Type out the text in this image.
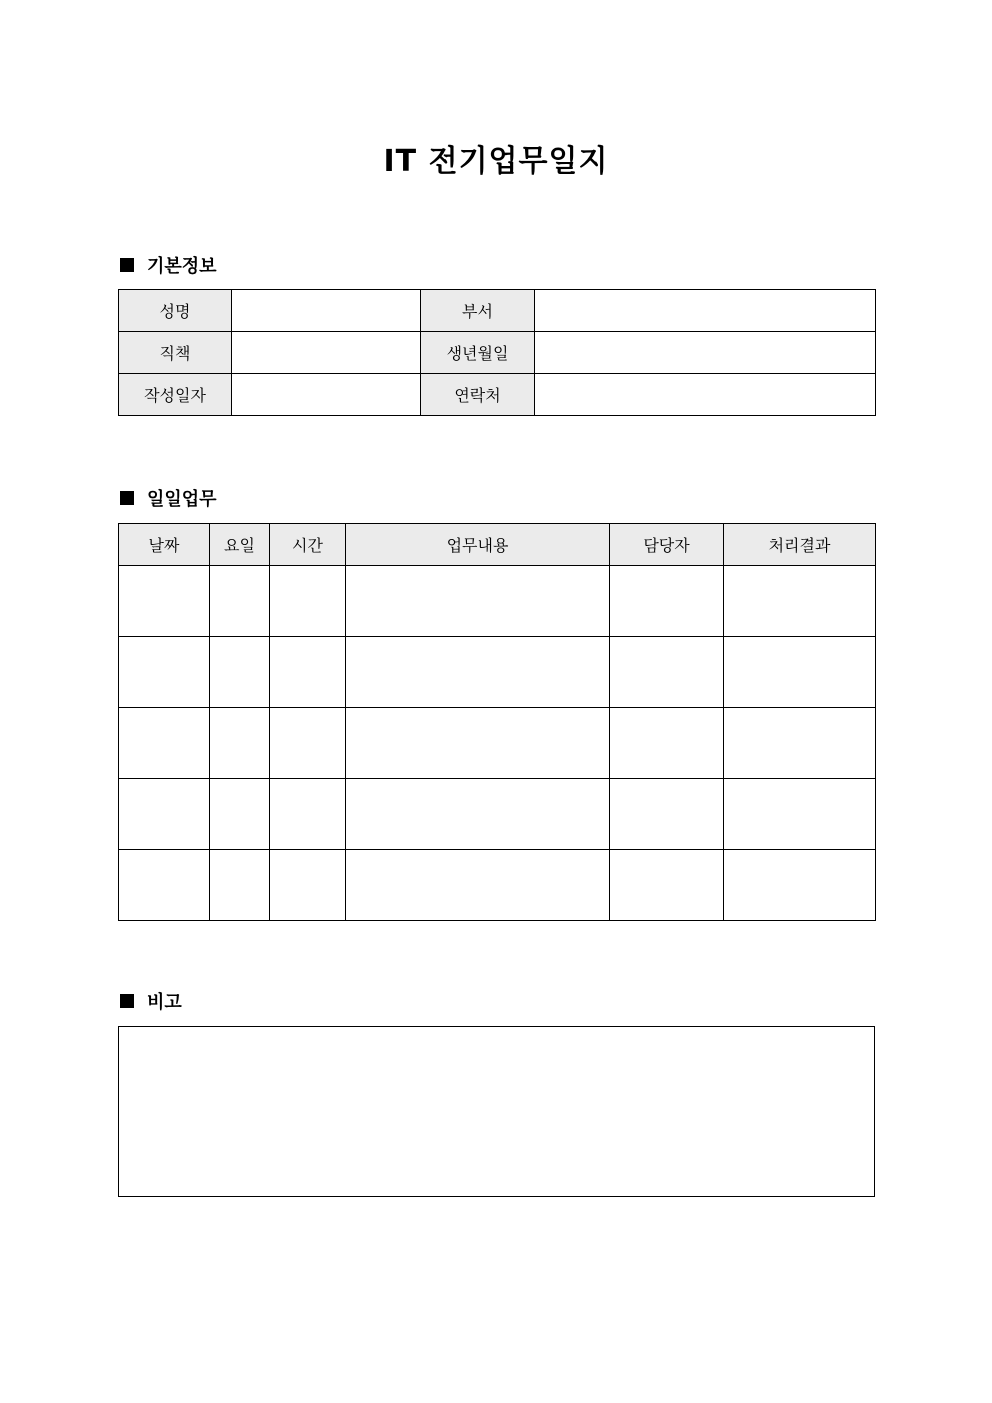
IT 전기업무일지
기본정보
성명		부서	
직책		생년월일	
작성일자		연락처	
일일업무
날짜	요일	시간	업무내용	담당자	처리결과

비고
